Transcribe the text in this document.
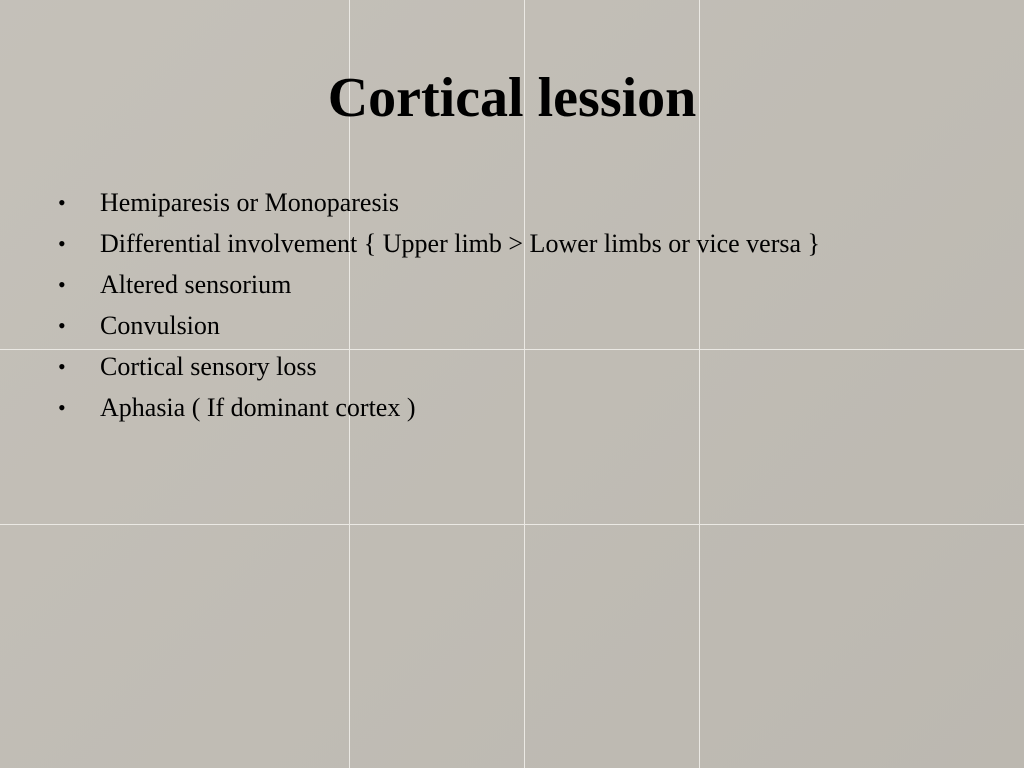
Cortical lession
• Hemiparesis or Monoparesis
• Differential involvement { Upper limb > Lower limbs or vice versa }
• Altered sensorium
• Convulsion
• Cortical sensory loss
• Aphasia ( If dominant cortex )
